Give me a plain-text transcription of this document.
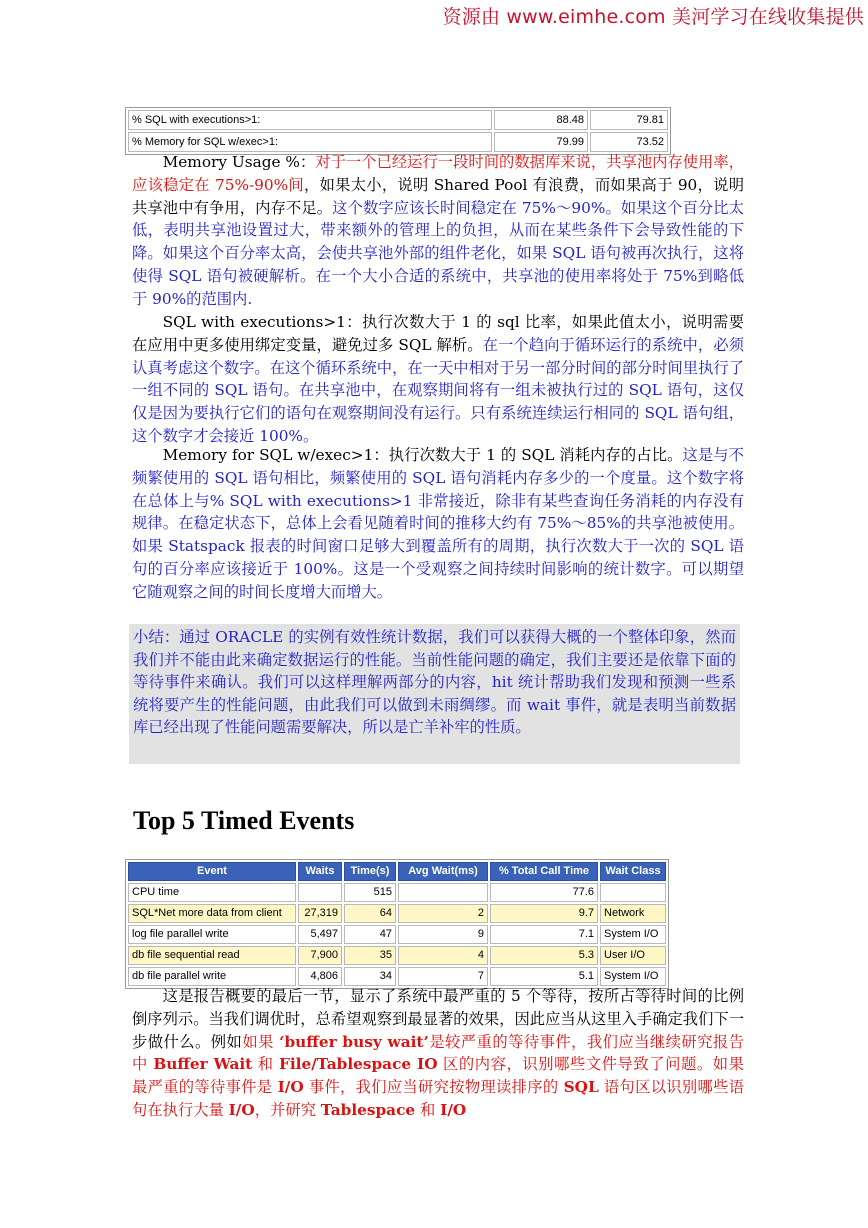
资源由 www.eimhe.com 美河学习在线收集提供
% SQL with executions>1:	88.48	79.81
% Memory for SQL w/exec>1:	79.99	73.52

Memory Usage %：对于一个已经运行一段时间的数据库来说，共享池内存使用率，应该稳定在 75%-90%间，如果太小，说明 Shared Pool 有浪费，而如果高于 90，说明共享池中有争用，内存不足。这个数字应该长时间稳定在 75%～90%。如果这个百分比太低，表明共享池设置过大，带来额外的管理上的负担，从而在某些条件下会导致性能的下降。如果这个百分率太高，会使共享池外部的组件老化，如果 SQL 语句被再次执行，这将使得 SQL 语句被硬解析。在一个大小合适的系统中，共享池的使用率将处于 75%到略低于 90%的范围内.

SQL with executions>1：执行次数大于 1 的 sql 比率，如果此值太小，说明需要在应用中更多使用绑定变量，避免过多 SQL 解析。在一个趋向于循环运行的系统中，必须认真考虑这个数字。在这个循环系统中，在一天中相对于另一部分时间的部分时间里执行了一组不同的 SQL 语句。在共享池中，在观察期间将有一组未被执行过的 SQL 语句，这仅仅是因为要执行它们的语句在观察期间没有运行。只有系统连续运行相同的 SQL 语句组，这个数字才会接近 100%。

Memory for SQL w/exec>1：执行次数大于 1 的 SQL 消耗内存的占比。这是与不频繁使用的 SQL 语句相比，频繁使用的 SQL 语句消耗内存多少的一个度量。这个数字将在总体上与% SQL with executions>1 非常接近，除非有某些查询任务消耗的内存没有规律。在稳定状态下，总体上会看见随着时间的推移大约有 75%～85%的共享池被使用。如果 Statspack 报表的时间窗口足够大到覆盖所有的周期，执行次数大于一次的 SQL 语句的百分率应该接近于 100%。这是一个受观察之间持续时间影响的统计数字。可以期望它随观察之间的时间长度增大而增大。

小结：通过 ORACLE 的实例有效性统计数据，我们可以获得大概的一个整体印象，然而我们并不能由此来确定数据运行的性能。当前性能问题的确定，我们主要还是依靠下面的等待事件来确认。我们可以这样理解两部分的内容，hit 统计帮助我们发现和预测一些系统将要产生的性能问题，由此我们可以做到未雨绸缪。而 wait 事件，就是表明当前数据库已经出现了性能问题需要解决，所以是亡羊补牢的性质。
Top 5 Timed Events
Event	Waits	Time(s)	Avg Wait(ms)	% Total Call Time	Wait Class
CPU time		515		77.6	
SQL*Net more data from client	27,319	64	2	9.7	Network
log file parallel write	5,497	47	9	7.1	System I/O
db file sequential read	7,900	35	4	5.3	User I/O
db file parallel write	4,806	34	7	5.1	System I/O

这是报告概要的最后一节，显示了系统中最严重的 5 个等待，按所占等待时间的比例倒序列示。当我们调优时，总希望观察到最显著的效果，因此应当从这里入手确定我们下一步做什么。例如如果 ‘buffer busy wait’是较严重的等待事件，我们应当继续研究报告中 Buffer Wait 和 File/Tablespace IO 区的内容，识别哪些文件导致了问题。如果最严重的等待事件是 I/O 事件，我们应当研究按物理读排序的 SQL 语句区以识别哪些语句在执行大量 I/O，并研究 Tablespace 和 I/O
